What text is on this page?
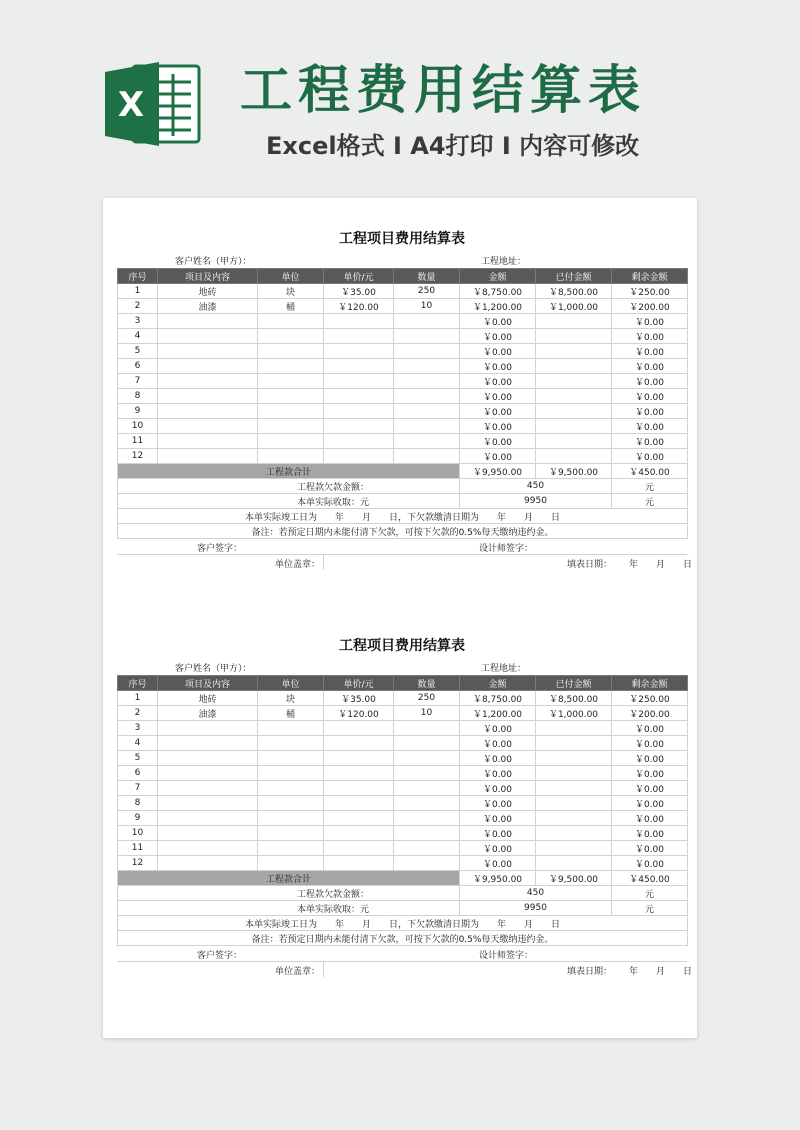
X 工程费用结算表
Excel格式 I A4打印 I 内容可修改
工程项目费用结算表
客户姓名（甲方）：	工程地址：
序号	项目及内容	单位	单价/元	数量	金额	已付金额	剩余金额
1	地砖	块	￥35.00	250	￥8,750.00	￥8,500.00	￥250.00
2	油漆	桶	￥120.00	10	￥1,200.00	￥1,000.00	￥200.00
3					￥0.00		￥0.00
4					￥0.00		￥0.00
5					￥0.00		￥0.00
6					￥0.00		￥0.00
7					￥0.00		￥0.00
8					￥0.00		￥0.00
9					￥0.00		￥0.00
10					￥0.00		￥0.00
11					￥0.00		￥0.00
12					￥0.00		￥0.00
工程款合计					￥9,950.00	￥9,500.00	￥450.00
工程款欠款金额：					450		元
本单实际收取：元					9950		元
本单实际竣工日为　　年　　月　　日，下欠款缴清日期为　　年　　月　　日							
备注：若预定日期内未能付清下欠款，可按下欠款的0.5%每天缴纳违约金。							
客户签字：	设计师签字：
单位盖章：	填表日期： 年　　月　　日
工程项目费用结算表
客户姓名（甲方）：	工程地址：
序号	项目及内容	单位	单价/元	数量	金额	已付金额	剩余金额
1	地砖	块	￥35.00	250	￥8,750.00	￥8,500.00	￥250.00
2	油漆	桶	￥120.00	10	￥1,200.00	￥1,000.00	￥200.00
3					￥0.00		￥0.00
4					￥0.00		￥0.00
5					￥0.00		￥0.00
6					￥0.00		￥0.00
7					￥0.00		￥0.00
8					￥0.00		￥0.00
9					￥0.00		￥0.00
10					￥0.00		￥0.00
11					￥0.00		￥0.00
12					￥0.00		￥0.00
工程款合计					￥9,950.00	￥9,500.00	￥450.00
工程款欠款金额：					450		元
本单实际收取：元					9950		元
本单实际竣工日为　　年　　月　　日，下欠款缴清日期为　　年　　月　　日							
备注：若预定日期内未能付清下欠款，可按下欠款的0.5%每天缴纳违约金。							
客户签字：	设计师签字：
单位盖章：	填表日期： 年　　月　　日
